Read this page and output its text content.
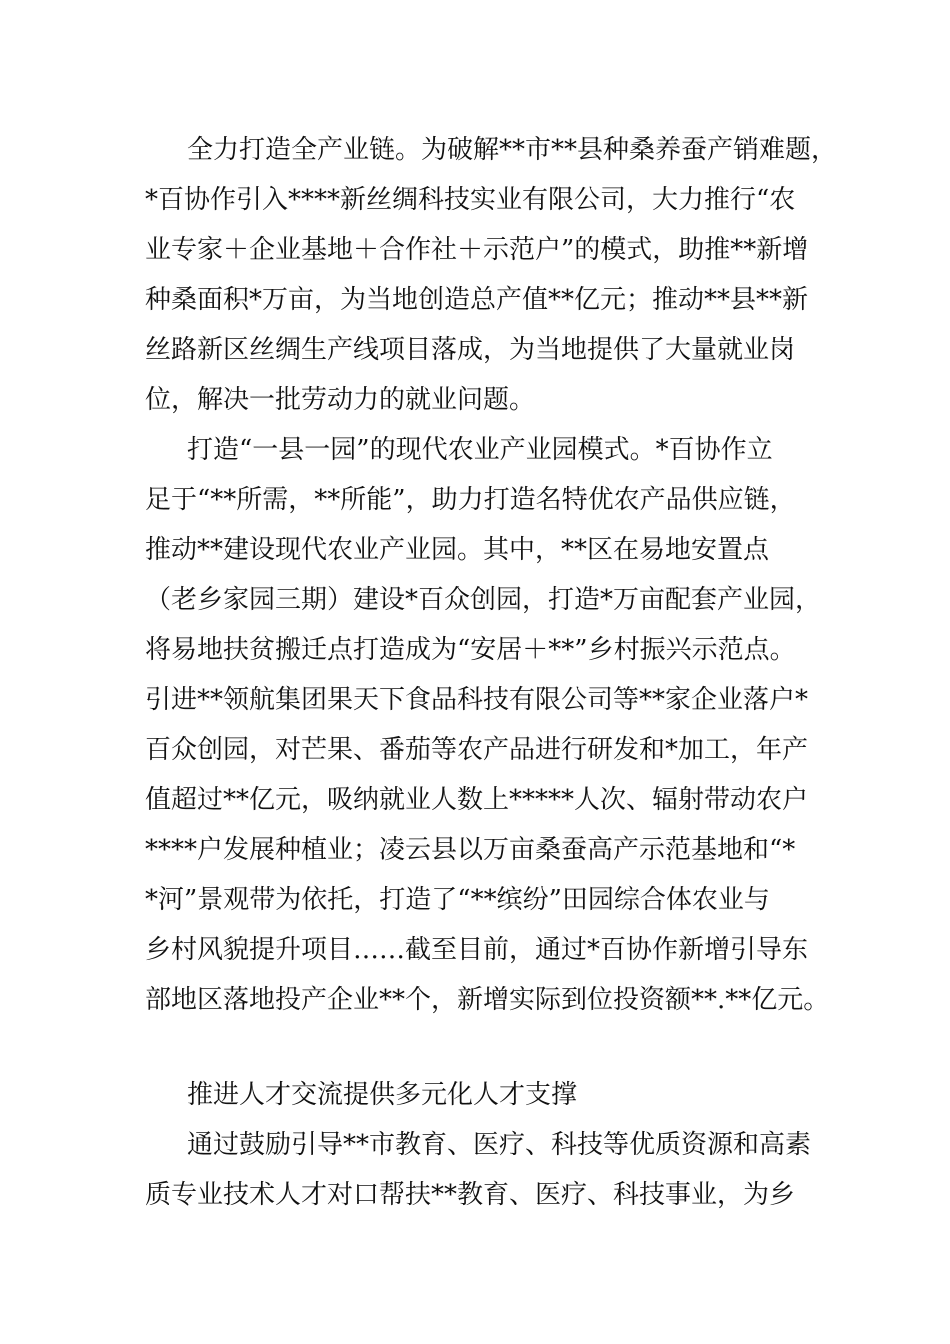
全力打造全产业链。为破解**市**县种桑养蚕产销难题，
*百协作引入****新丝绸科技实业有限公司，大力推行“农
业专家＋企业基地＋合作社＋示范户”的模式，助推**新增
种桑面积*万亩，为当地创造总产值**亿元；推动**县**新
丝路新区丝绸生产线项目落成，为当地提供了大量就业岗
位，解决一批劳动力的就业问题。
打造“一县一园”的现代农业产业园模式。*百协作立
足于“**所需，**所能”，助力打造名特优农产品供应链，
推动**建设现代农业产业园。其中，**区在易地安置点
（老乡家园三期）建设*百众创园，打造*万亩配套产业园，
将易地扶贫搬迁点打造成为“安居＋**”乡村振兴示范点。
引进**领航集团果天下食品科技有限公司等**家企业落户*
百众创园，对芒果、番茄等农产品进行研发和*加工，年产
值超过**亿元，吸纳就业人数上*****人次、辐射带动农户
****户发展种植业；凌云县以万亩桑蚕高产示范基地和“*
*河”景观带为依托，打造了“**缤纷”田园综合体农业与
乡村风貌提升项目……截至目前，通过*百协作新增引导东
部地区落地投产企业**个，新增实际到位投资额**.**亿元。
推进人才交流提供多元化人才支撑
通过鼓励引导**市教育、医疗、科技等优质资源和高素
质专业技术人才对口帮扶**教育、医疗、科技事业，为乡
